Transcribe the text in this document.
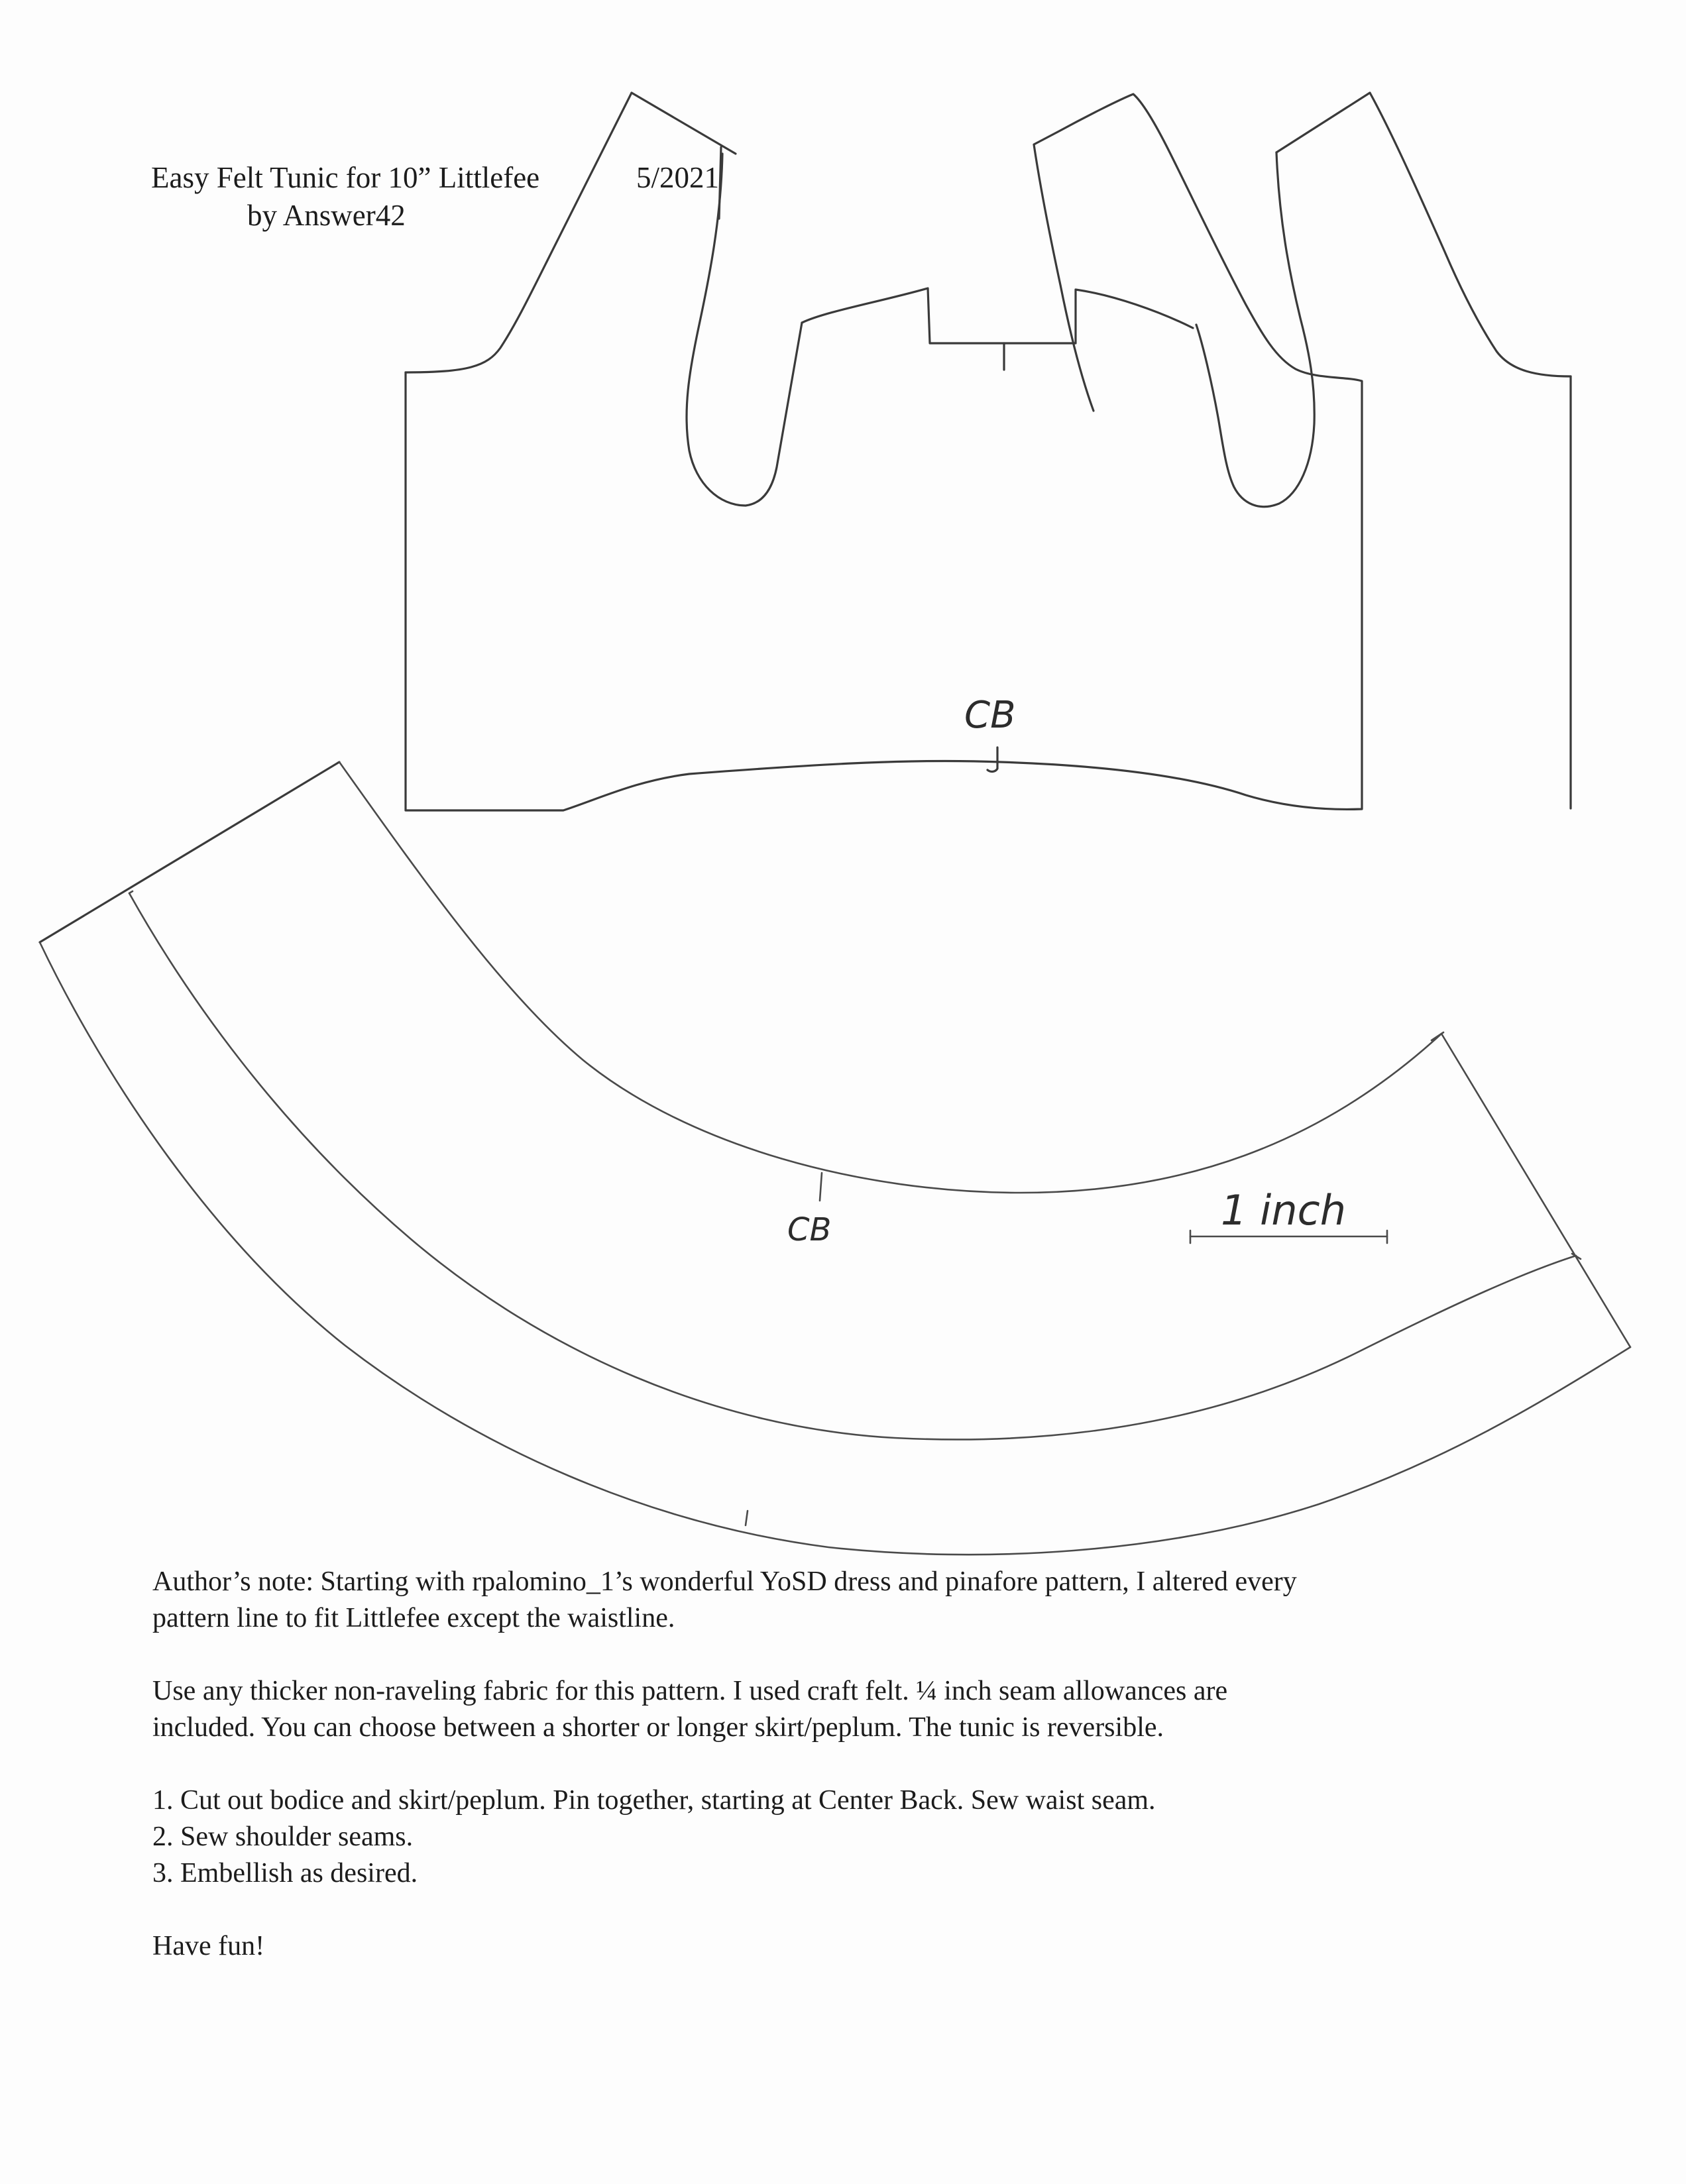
CB
CB	1 inch
Easy Felt Tunic for 10” Littlefee	5/2021
by Answer42

Author’s note: Starting with rpalomino_1’s wonderful YoSD dress and pinafore pattern, I altered every

pattern line to fit Littlefee except the waistline.

Use any thicker non-raveling fabric for this pattern. I used craft felt. ¼ inch seam allowances are

included. You can choose between a shorter or longer skirt/peplum. The tunic is reversible.

1. Cut out bodice and skirt/peplum. Pin together, starting at Center Back. Sew waist seam.

2. Sew shoulder seams.

3. Embellish as desired.

Have fun!
